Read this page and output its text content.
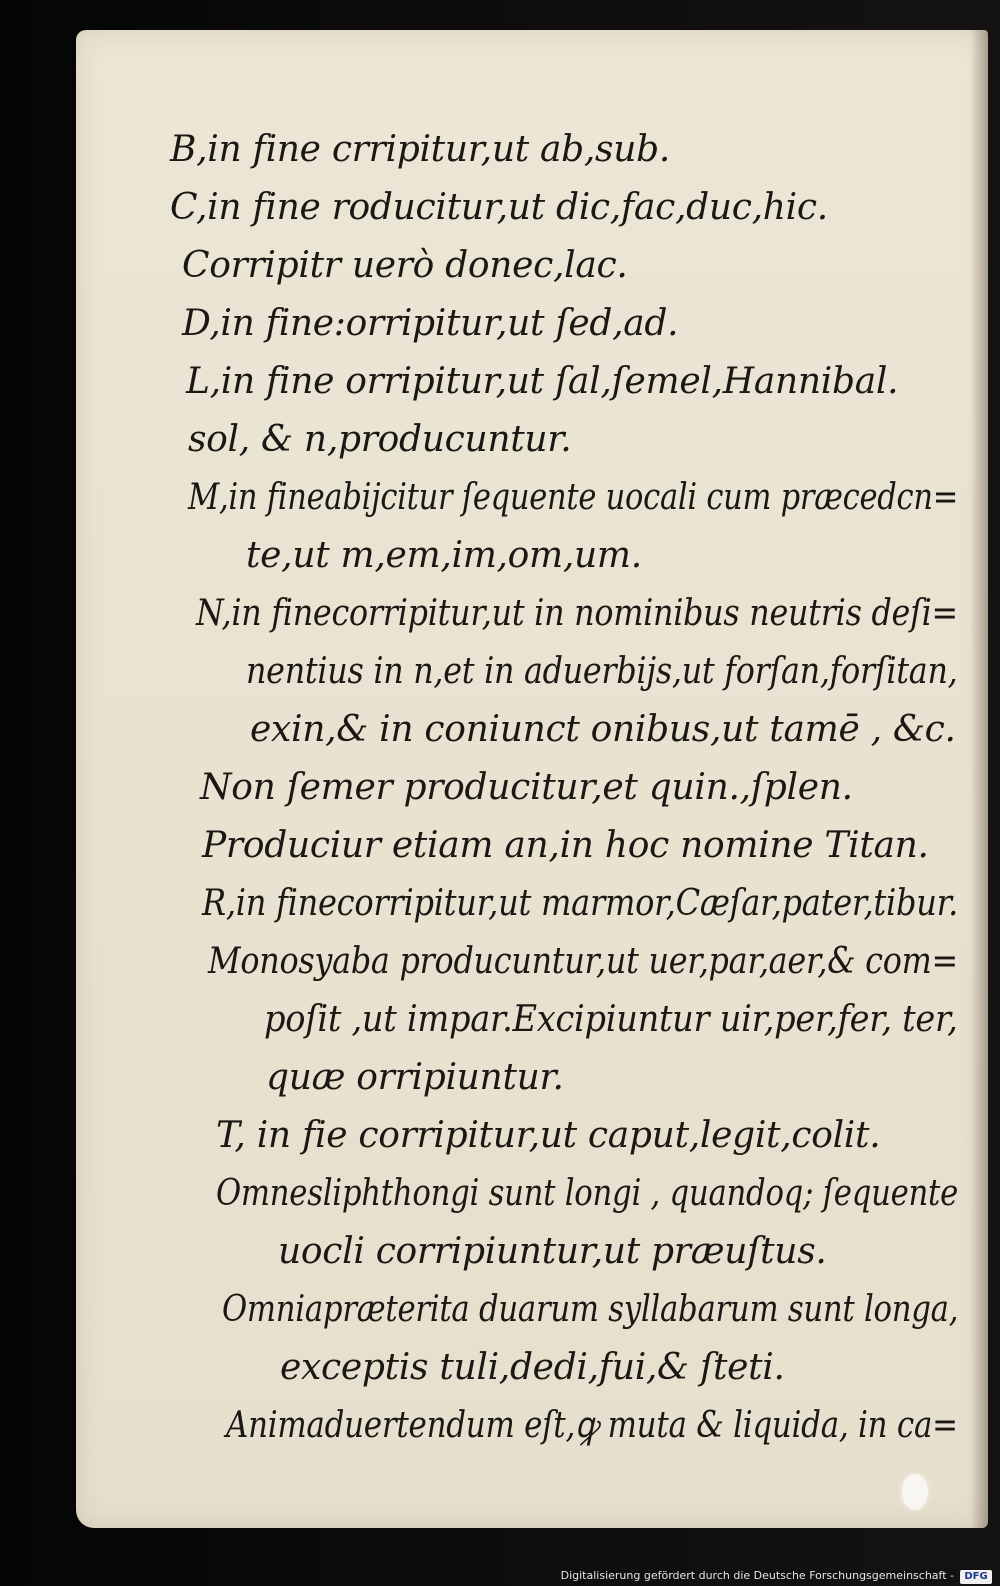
B,in fine crripitur,ut ab,sub.

C,in fine roducitur,ut dic,fac,duc,hic.

Corripitr uerò donec,lac.

D,in fine:orripitur,ut ſed,ad.

L,in fine orripitur,ut ſal,ſemel,Hannibal.

sol, & n,producuntur.

M,in fineabijcitur ſequente uocali cum præcedcn=

te,ut m,em,im,om,um.

N,in finecorripitur,ut in nominibus neutris deſi=

nentius in n,et in aduerbijs,ut forſan,forſitan,

exin,& in coniunct onibus,ut tamē , &c.

Non ſemer producitur,et quin.,ſplen.

Produciur etiam an,in hoc nomine Titan.

R,in finecorripitur,ut marmor,Cæſar,pater,tibur.

Monosyaba producuntur,ut uer,par,aer,& com=

poſit ,ut impar.Excipiuntur uir,per,fer, ter,

quæ orripiuntur.

T, in fie corripitur,ut caput,legit,colit.

Omnesliphthongi sunt longi , quandoq; ſequente

uocli corripiuntur,ut præuſtus.

Omniapræterita duarum syllabarum sunt longa,

exceptis tuli,dedi,fui,& ſteti.

Animaduertendum eſt,ꝙ muta & liquida, in ca=

Digitalisierung gefördert durch die Deutsche Forschungsgemeinschaft -	DFG
